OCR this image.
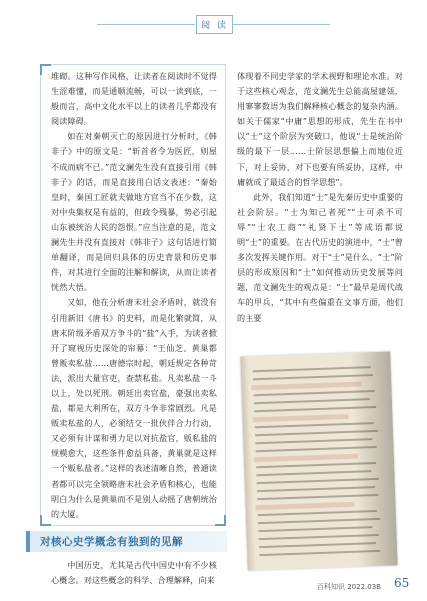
阅 读

堆砌。这种写作风格，让读者在阅读时不觉得生涩难懂，而是通顺流畅，可以一读到底，一般而言，高中文化水平以上的读者几乎都没有阅读障碍。

如在对秦朝灭亡的原因进行分析时，《韩非子》中的原文是：“斩首者令为医匠，则屋不成而病不已。”范文澜先生没有直接引用《韩非子》的话，而是直接用白话文表述：“秦始皇时，秦国工匠就夫做地方官当不在少数，这对中央集权是有益的，但政令残暴，势必引起山东被统治人民的怨恨。”应当注意的是，范文澜先生并没有直接对《韩非子》这句话进行简单翻译，而是回归具体的历史背景和历史事件，对其进行全面的注解和解读，从而让读者恍然大悟。

又如，他在分析唐末社会矛盾时，就没有引用新旧《唐书》的史料，而是化繁就简，从唐末阶级矛盾双方争斗的“盐”入手，为读者掀开了窥视历史深处的帘幕：“王仙芝、黄巢都曾贩卖私盐……唐德宗时起，朝廷规定各种苛法，派出大量官吏，查禁私盐。凡卖私盐一斗以上，处以死刑。朝廷出卖官盐，豪强出卖私盐，都是大利所在，双方斗争非常剧烈。凡是贩卖私盐的人，必须结交一批伙伴合力行动，又必须有计谋和勇力足以对抗盐官，贩私盐的规模愈大，这些条件愈益具备，黄巢就是这样一个贩私盐者。”这样的表述清晰自然，普通读者都可以完全领略唐末社会矛盾和核心，也能明白为什么是黄巢而不是别人动摇了唐朝统治的大厦。

对核心史学概念有独到的见解

中国历史，尤其是古代中国史中有不少核心概念。对这些概念的科学、合理解释，向来

体现着不同史学家的学术视野和理论水准。对于这些核心观念，范文澜先生总能高屋建瓴，用寥寥数语为我们解释核心概念的复杂内涵。如关于儒家“中庸”思想的形成，先生在书中以“士”这个阶层为突破口，他说“士是统治阶级的最下一层……士阶层思想偏上而地位近下，对上妥协，对下也要有所妥协，这样，中庸就成了最适合的哲学思想”。

此外，我们知道“士”是先秦历史中重要的社会阶层。“士为知己者死”“士可杀不可辱”“士农工商”“礼贤下士”等成语都说明“士”的重要。在古代历史的演进中，“士”曾多次发挥关键作用。对于“士”是什么，“士”阶层的形成原因和“士”如何推动历史发展等问题，范文澜先生的观点是：“士”最早是周代战车的甲兵，“其中有些偏重在文事方面，他们的主要

百科知识 2022.03B 65
